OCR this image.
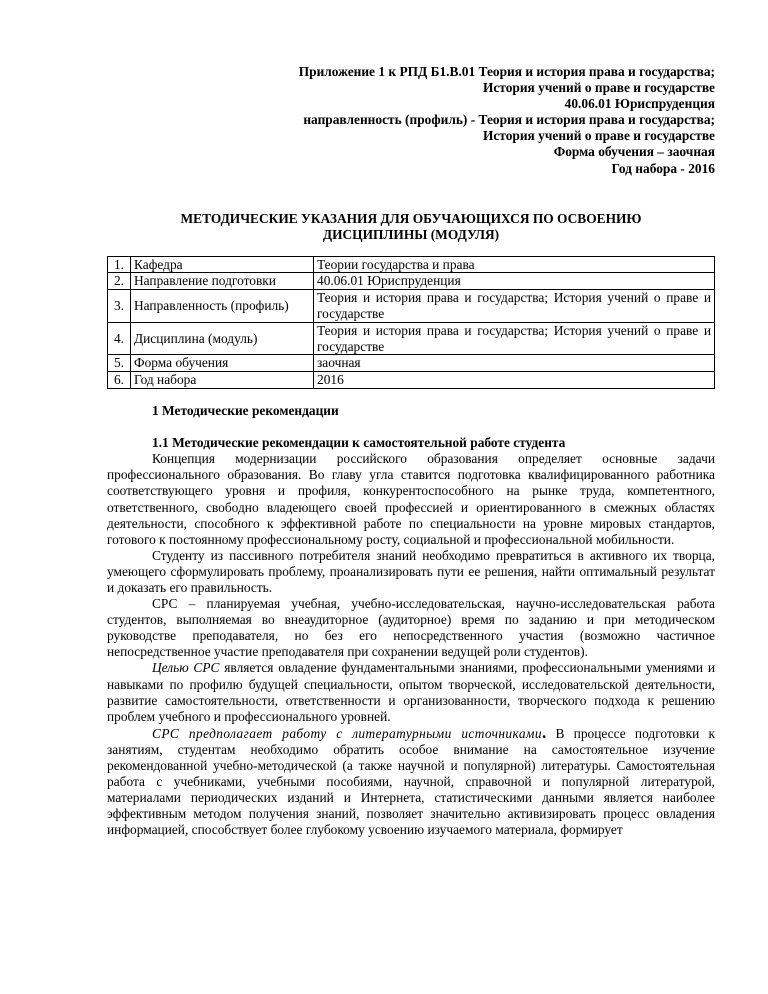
Приложение 1 к РПД Б1.В.01 Теория и история права и государства;
История учений о праве и государстве
40.06.01 Юриспруденция
направленность (профиль) - Теория и история права и государства;
История учений о праве и государстве
Форма обучения – заочная
Год набора - 2016
МЕТОДИЧЕСКИЕ УКАЗАНИЯ ДЛЯ ОБУЧАЮЩИХСЯ ПО ОСВОЕНИЮ
ДИСЦИПЛИНЫ (МОДУЛЯ)
1.	Кафедра	Теории государства и права
2.	Направление подготовки	40.06.01 Юриспруденция
3.	Направленность (профиль)	Теория и история права и государства; История учений о праве и государстве
4.	Дисциплина (модуль)	Теория и история права и государства; История учений о праве и государстве
5.	Форма обучения	заочная
6.	Год набора	2016
1 Методические рекомендации
1.1 Методические рекомендации к самостоятельной работе студента

Концепция модернизации российского образования определяет основные задачи профессионального образования. Во главу угла ставится подготовка квалифицированного работника соответствующего уровня и профиля, конкурентоспособного на рынке труда, компетентного, ответственного, свободно владеющего своей профессией и ориентированного в смежных областях деятельности, способного к эффективной работе по специальности на уровне мировых стандартов, готового к постоянному профессиональному росту, социальной и профессиональной мобильности.

Студенту из пассивного потребителя знаний необходимо превратиться в активного их творца, умеющего сформулировать проблему, проанализировать пути ее решения, найти оптимальный результат и доказать его правильность.

СРС – планируемая учебная, учебно-исследовательская, научно-исследовательская работа студентов, выполняемая во внеаудиторное (аудиторное) время по заданию и при методическом руководстве преподавателя, но без его непосредственного участия (возможно частичное непосредственное участие преподавателя при сохранении ведущей роли студентов).

Целью СРС является овладение фундаментальными знаниями, профессиональными умениями и навыками по профилю будущей специальности, опытом творческой, исследовательской деятельности, развитие самостоятельности, ответственности и организованности, творческого подхода к решению проблем учебного и профессионального уровней.

СРС предполагает работу с литературными источниками. В процессе подготовки к занятиям, студентам необходимо обратить особое внимание на самостоятельное изучение рекомендованной учебно-методической (а также научной и популярной) литературы. Самостоятельная работа с учебниками, учебными пособиями, научной, справочной и популярной литературой, материалами периодических изданий и Интернета, статистическими данными является наиболее эффективным методом получения знаний, позволяет значительно активизировать процесс овладения информацией, способствует более глубокому усвоению изучаемого материала, формирует
